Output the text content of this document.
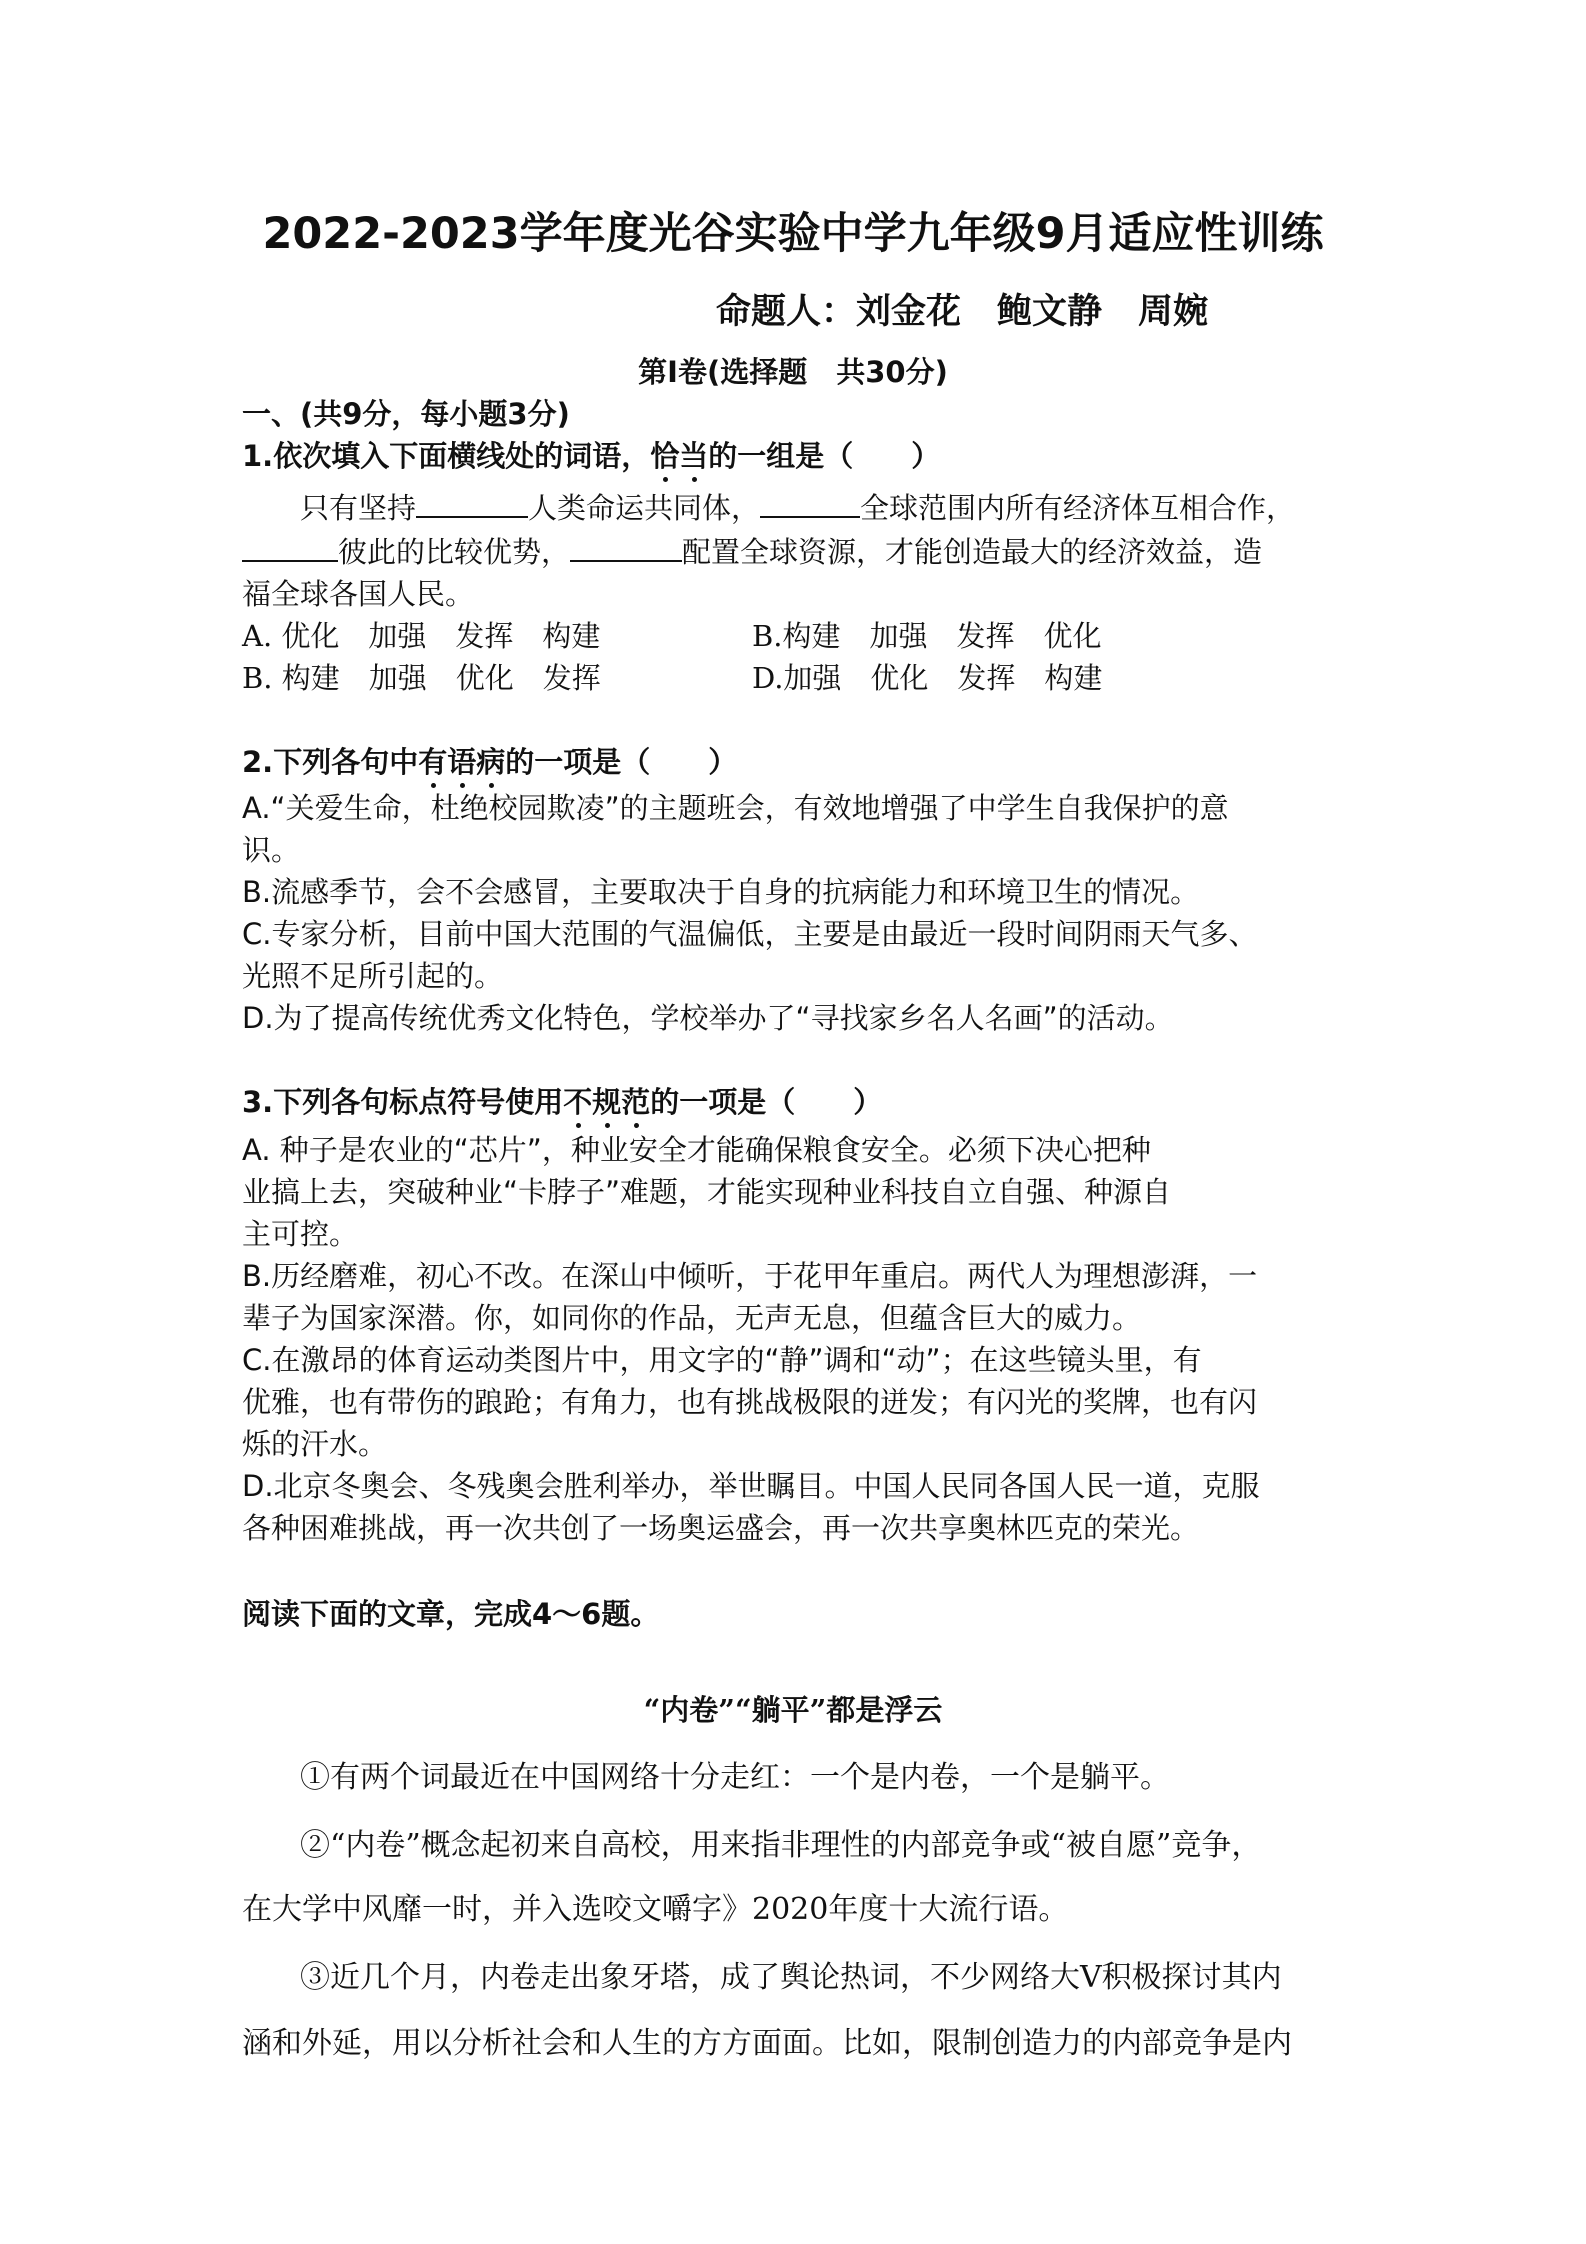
2022-2023学年度光谷实验中学九年级9月适应性训练
命题人：刘金花 鲍文静 周婉
第Ⅰ卷(选择题　共30分)
一、(共9分，每小题3分)
1.依次填入下面横线处的词语，恰当的一组是（　　）
只有坚持	人类命运共同体，	全球范围内所有经济体互相合作，
彼此的比较优势，	配置全球资源，才能创造最大的经济效益，造
福全球各国人民。
A. 优化　加强　发挥　构建	B.构建　加强　发挥　优化
B. 构建　加强　优化　发挥	D.加强　优化　发挥　构建
2.下列各句中有语病的一项是（　　）
A.“关爱生命，杜绝校园欺凌”的主题班会，有效地增强了中学生自我保护的意
识。
B.流感季节，会不会感冒，主要取决于自身的抗病能力和环境卫生的情况。
C.专家分析，目前中国大范围的气温偏低，主要是由最近一段时间阴雨天气多、
光照不足所引起的。
D.为了提高传统优秀文化特色，学校举办了“寻找家乡名人名画”的活动。
3.下列各句标点符号使用不规范的一项是（　　）
A. 种子是农业的“芯片”，种业安全才能确保粮食安全。必须下决心把种
业搞上去，突破种业“卡脖子”难题，才能实现种业科技自立自强、种源自
主可控。
B.历经磨难，初心不改。在深山中倾听，于花甲年重启。两代人为理想澎湃，一
辈子为国家深潜。你，如同你的作品，无声无息，但蕴含巨大的威力。
C.在激昂的体育运动类图片中，用文字的“静”调和“动”；在这些镜头里，有
优雅，也有带伤的踉跄；有角力，也有挑战极限的迸发；有闪光的奖牌，也有闪
烁的汗水。
D.北京冬奥会、冬残奥会胜利举办，举世瞩目。中国人民同各国人民一道，克服
各种困难挑战，再一次共创了一场奥运盛会，再一次共享奥林匹克的荣光。
阅读下面的文章，完成4～6题。
“内卷”“躺平”都是浮云
①有两个词最近在中国网络十分走红：一个是内卷，一个是躺平。
②“内卷”概念起初来自高校，用来指非理性的内部竞争或“被自愿”竞争，
在大学中风靡一时，并入选咬文嚼字》2020年度十大流行语。
③近几个月，内卷走出象牙塔，成了舆论热词，不少网络大V积极探讨其内
涵和外延，用以分析社会和人生的方方面面。比如，限制创造力的内部竞争是内
